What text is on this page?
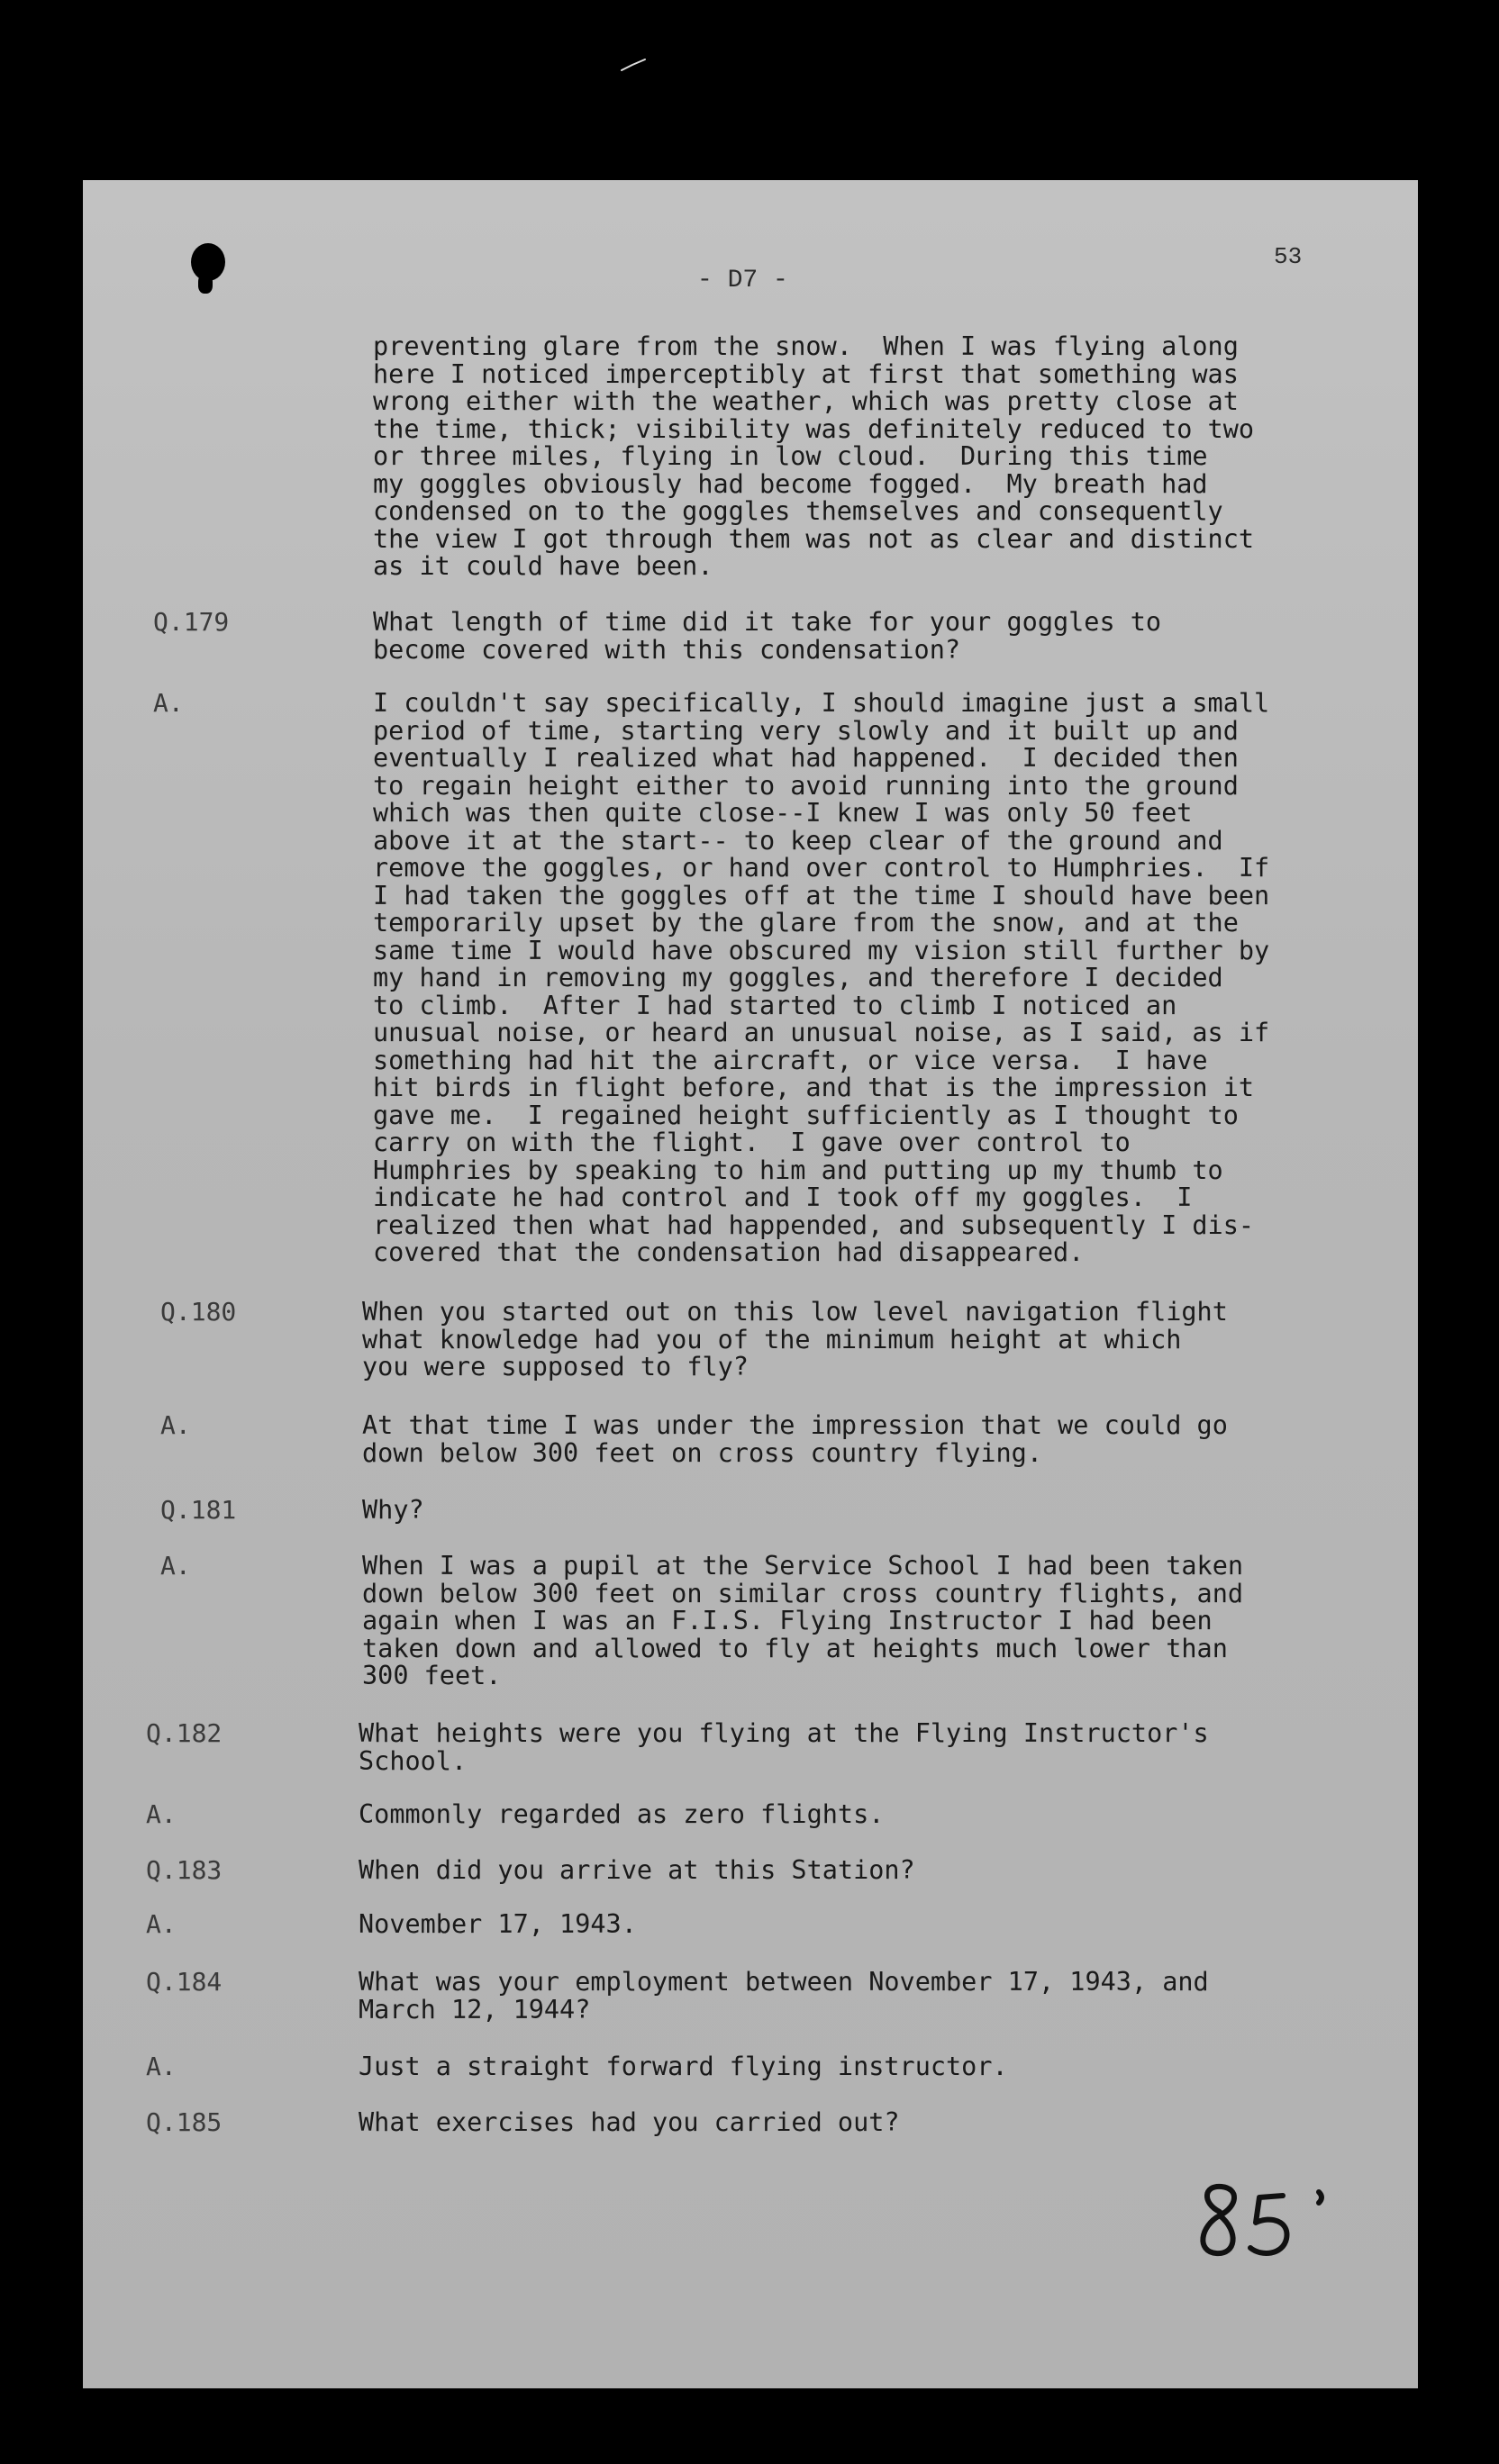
53
- D7 -
preventing glare from the snow.  When I was flying along
here I noticed imperceptibly at first that something was
wrong either with the weather, which was pretty close at
the time, thick; visibility was definitely reduced to two
or three miles, flying in low cloud.  During this time
my goggles obviously had become fogged.  My breath had
condensed on to the goggles themselves and consequently
the view I got through them was not as clear and distinct
as it could have been.
Q.179	What length of time did it take for your goggles to
become covered with this condensation?
A.	I couldn't say specifically, I should imagine just a small
period of time, starting very slowly and it built up and
eventually I realized what had happened.  I decided then
to regain height either to avoid running into the ground
which was then quite close--I knew I was only 50 feet
above it at the start-- to keep clear of the ground and
remove the goggles, or hand over control to Humphries.  If
I had taken the goggles off at the time I should have been
temporarily upset by the glare from the snow, and at the
same time I would have obscured my vision still further by
my hand in removing my goggles, and therefore I decided
to climb.  After I had started to climb I noticed an
unusual noise, or heard an unusual noise, as I said, as if
something had hit the aircraft, or vice versa.  I have
hit birds in flight before, and that is the impression it
gave me.  I regained height sufficiently as I thought to
carry on with the flight.  I gave over control to
Humphries by speaking to him and putting up my thumb to
indicate he had control and I took off my goggles.  I
realized then what had happended, and subsequently I dis-
covered that the condensation had disappeared.
Q.180	When you started out on this low level navigation flight
what knowledge had you of the minimum height at which
you were supposed to fly?
A.	At that time I was under the impression that we could go
down below 300 feet on cross country flying.
Q.181	Why?
A.	When I was a pupil at the Service School I had been taken
down below 300 feet on similar cross country flights, and
again when I was an F.I.S. Flying Instructor I had been
taken down and allowed to fly at heights much lower than
300 feet.
Q.182	What heights were you flying at the Flying Instructor's
School.
A.	Commonly regarded as zero flights.
Q.183	When did you arrive at this Station?
A.	November 17, 1943.
Q.184	What was your employment between November 17, 1943, and
March 12, 1944?
A.	Just a straight forward flying instructor.
Q.185	What exercises had you carried out?
